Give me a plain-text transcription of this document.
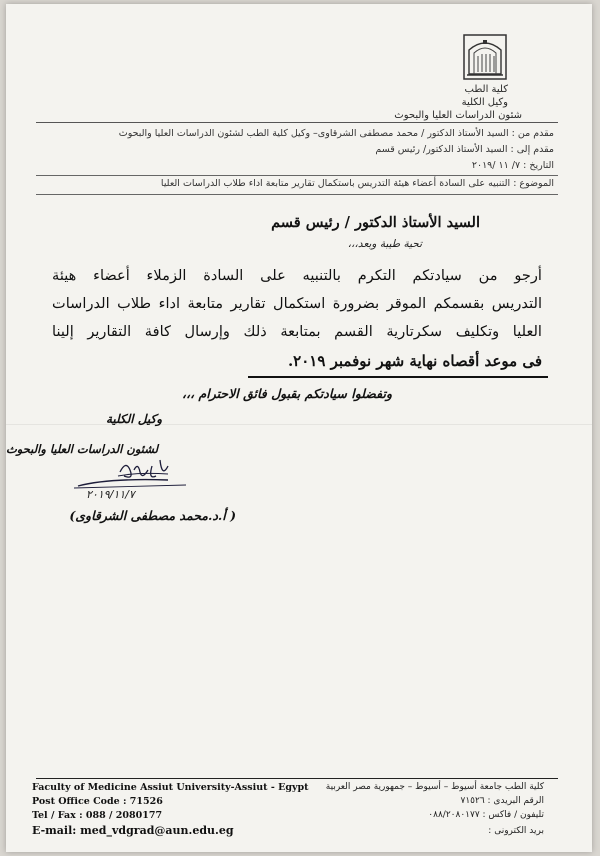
كلية الطب
وكيل الكلية
شئون الدراسات العليا والبحوث
مقدم من : السيد الأستاذ الدكتور / محمد مصطفى الشرقاوى– وكيل كلية الطب لشئون الدراسات العليا والبحوث
مقدم إلى : السيد الأستاذ الدكتور/ رئيس قسم
التاريخ : ٧/ ١١ /٢٠١٩
الموضوع : التنبيه على السادة أعضاء هيئة التدريس باستكمال تقارير متابعة اداء طلاب الدراسات العليا
السيد الأستاذ الدكتور / رئيس قسم
تحية طيبة وبعد،،،
أرجو من سيادتكم التكرم بالتنبيه على السادة الزملاء أعضاء هيئة
التدريس بقسمكم الموقر بضرورة استكمال تقارير متابعة اداء طلاب الدراسات
العليا وتكليف سكرتارية القسم بمتابعة ذلك وإرسال كافة التقارير إلينا
فى موعد أقصاه نهاية شهر نوفمبر ٢٠١٩.
وتفضلوا سيادتكم بقبول فائق الاحترام ،،،
وكيل الكلية
لشئون الدراسات العليا والبحوث
٢٠١٩/١١/٧
( أ.د.محمد مصطفى الشرقاوى)
Faculty of Medicine Assiut University-Assiut - Egypt
Post Office Code : 71526
Tel / Fax : 088 / 2080177
E-mail: med_vdgrad@aun.edu.eg
كلية الطب جامعة أسيوط – أسيوط – جمهورية مصر العربية
الرقم البريدى : ٧١٥٢٦
تليفون / فاكس : ٠٨٨/٢٠٨٠١٧٧
بريد الكترونى :
